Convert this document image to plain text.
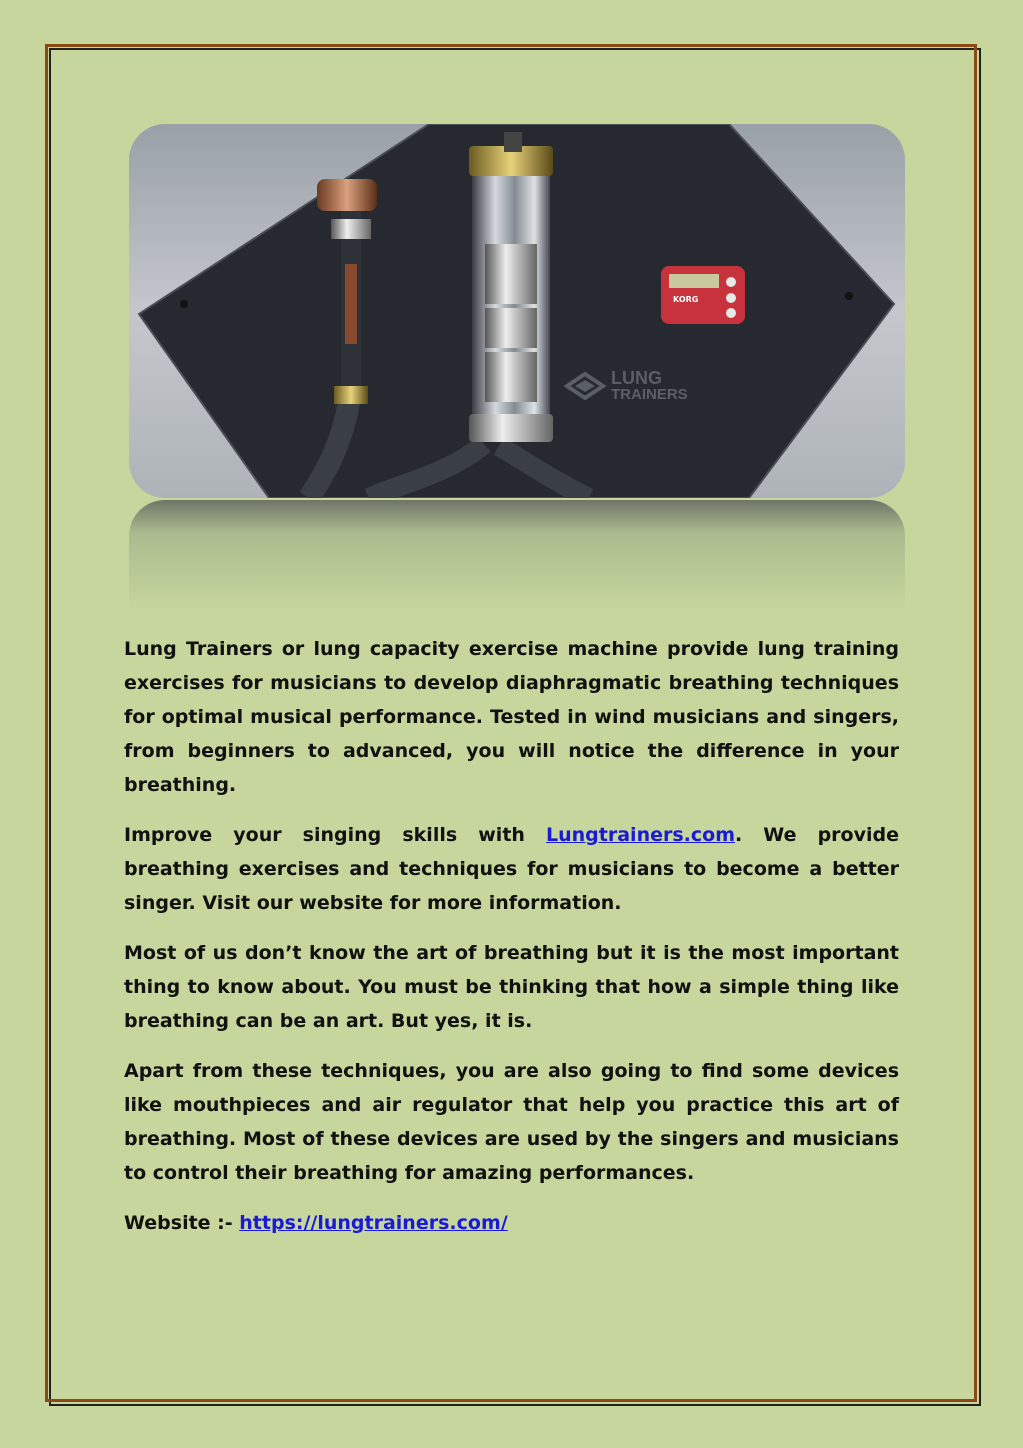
KORG
LUNG
TRAINERS

Lung Trainers or lung capacity exercise machine provide lung training exercises for musicians to develop diaphragmatic breathing techniques for optimal musical performance. Tested in wind musicians and singers, from beginners to advanced, you will notice the difference in your breathing.

Improve your singing skills with Lungtrainers.com. We provide breathing exercises and techniques for musicians to become a better singer. Visit our website for more information.

Most of us don’t know the art of breathing but it is the most important thing to know about. You must be thinking that how a simple thing like breathing can be an art. But yes, it is.

Apart from these techniques, you are also going to find some devices like mouthpieces and air regulator that help you practice this art of breathing. Most of these devices are used by the singers and musicians to control their breathing for amazing performances.

Website :- https://lungtrainers.com/
